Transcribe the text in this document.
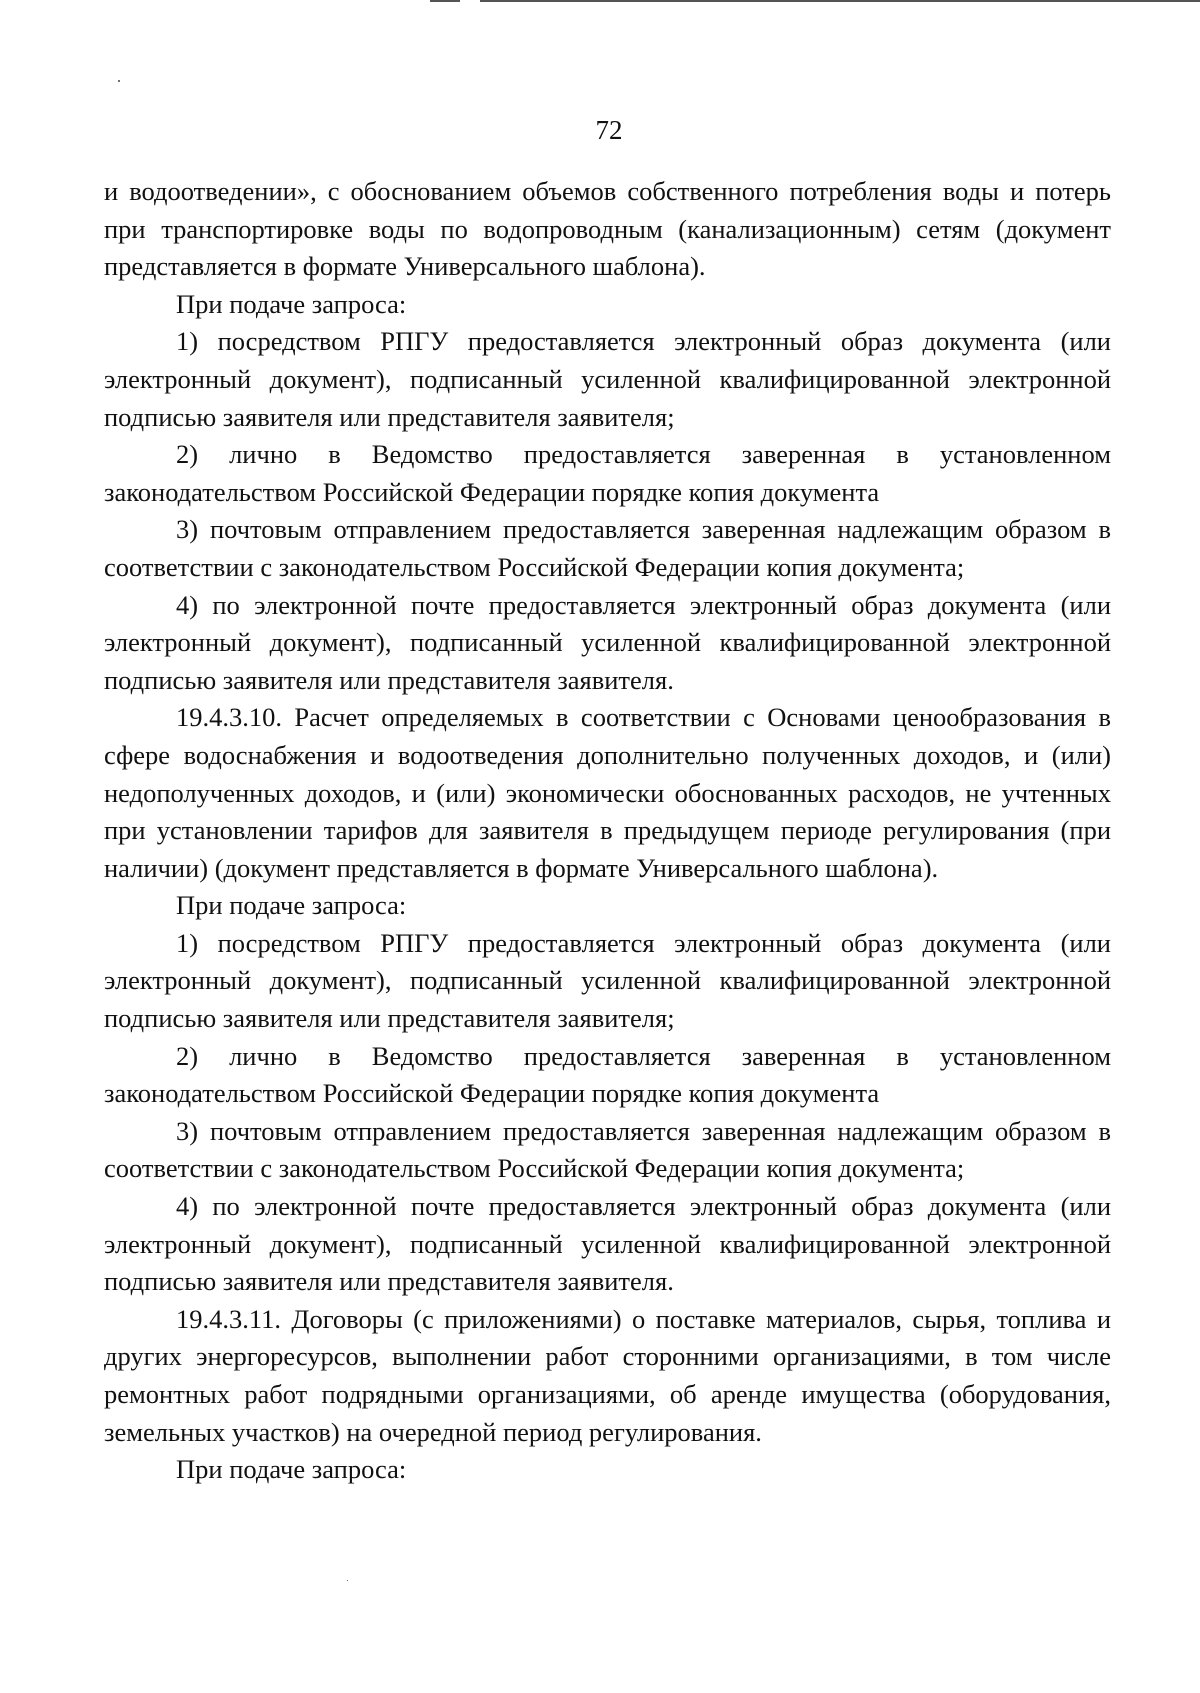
72

и водоотведении», с обоснованием объемов собственного потребления воды и потерь при транспортировке воды по водопроводным (канализационным) сетям (документ представляется в формате Универсального шаблона).

При подаче запроса:

1) посредством РПГУ предоставляется электронный образ документа (или электронный документ), подписанный усиленной квалифицированной электронной подписью заявителя или представителя заявителя;

2) лично в Ведомство предоставляется заверенная в установленном законодательством Российской Федерации порядке копия документа

3) почтовым отправлением предоставляется заверенная надлежащим образом в соответствии с законодательством Российской Федерации копия документа;

4) по электронной почте предоставляется электронный образ документа (или электронный документ), подписанный усиленной квалифицированной электронной подписью заявителя или представителя заявителя.

19.4.3.10. Расчет определяемых в соответствии с Основами ценообразования в сфере водоснабжения и водоотведения дополнительно полученных доходов, и (или) недополученных доходов, и (или) экономически обоснованных расходов, не учтенных при установлении тарифов для заявителя в предыдущем периоде регулирования (при наличии) (документ представляется в формате Универсального шаблона).

При подаче запроса:

1) посредством РПГУ предоставляется электронный образ документа (или электронный документ), подписанный усиленной квалифицированной электронной подписью заявителя или представителя заявителя;

2) лично в Ведомство предоставляется заверенная в установленном законодательством Российской Федерации порядке копия документа

3) почтовым отправлением предоставляется заверенная надлежащим образом в соответствии с законодательством Российской Федерации копия документа;

4) по электронной почте предоставляется электронный образ документа (или электронный документ), подписанный усиленной квалифицированной электронной подписью заявителя или представителя заявителя.

19.4.3.11. Договоры (с приложениями) о поставке материалов, сырья, топлива и других энергоресурсов, выполнении работ сторонними организациями, в том числе ремонтных работ подрядными организациями, об аренде имущества (оборудования, земельных участков) на очередной период регулирования.

При подаче запроса:
